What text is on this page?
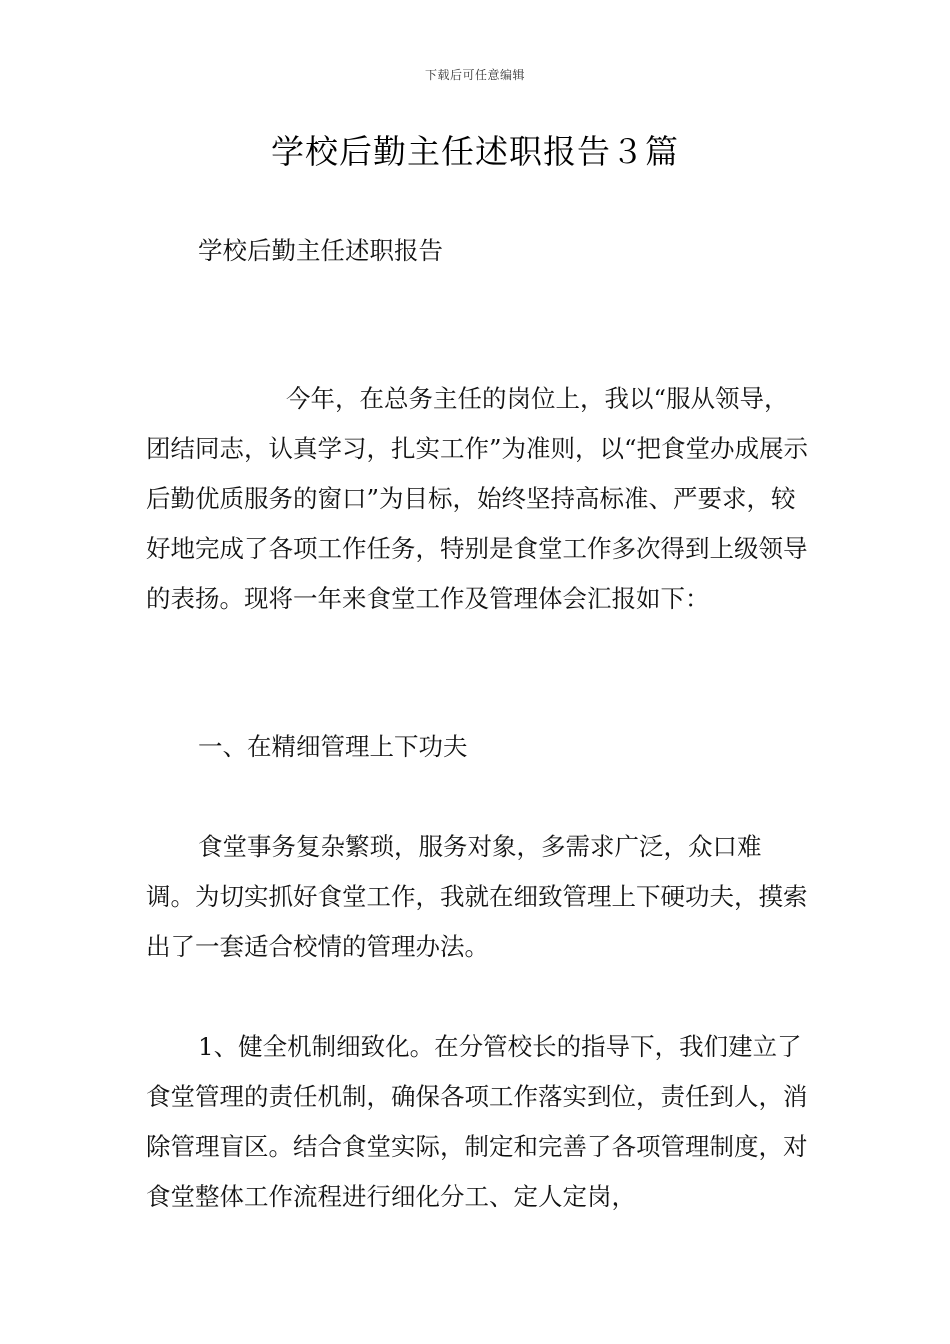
下载后可任意编辑
学校后勤主任述职报告３篇

学校后勤主任述职报告

今年，在总务主任的岗位上，我以“服从领导，团结同志，认真学习，扎实工作”为准则，以“把食堂办成展示后勤优质服务的窗口”为目标，始终坚持高标准、严要求，较好地完成了各项工作任务，特别是食堂工作多次得到上级领导的表扬。现将一年来食堂工作及管理体会汇报如下：

一、在精细管理上下功夫

食堂事务复杂繁琐，服务对象，多需求广泛，众口难调。为切实抓好食堂工作，我就在细致管理上下硬功夫，摸索出了一套适合校情的管理办法。

1、健全机制细致化。在分管校长的指导下，我们建立了食堂管理的责任机制，确保各项工作落实到位，责任到人，消除管理盲区。结合食堂实际，制定和完善了各项管理制度，对食堂整体工作流程进行细化分工、定人定岗，
